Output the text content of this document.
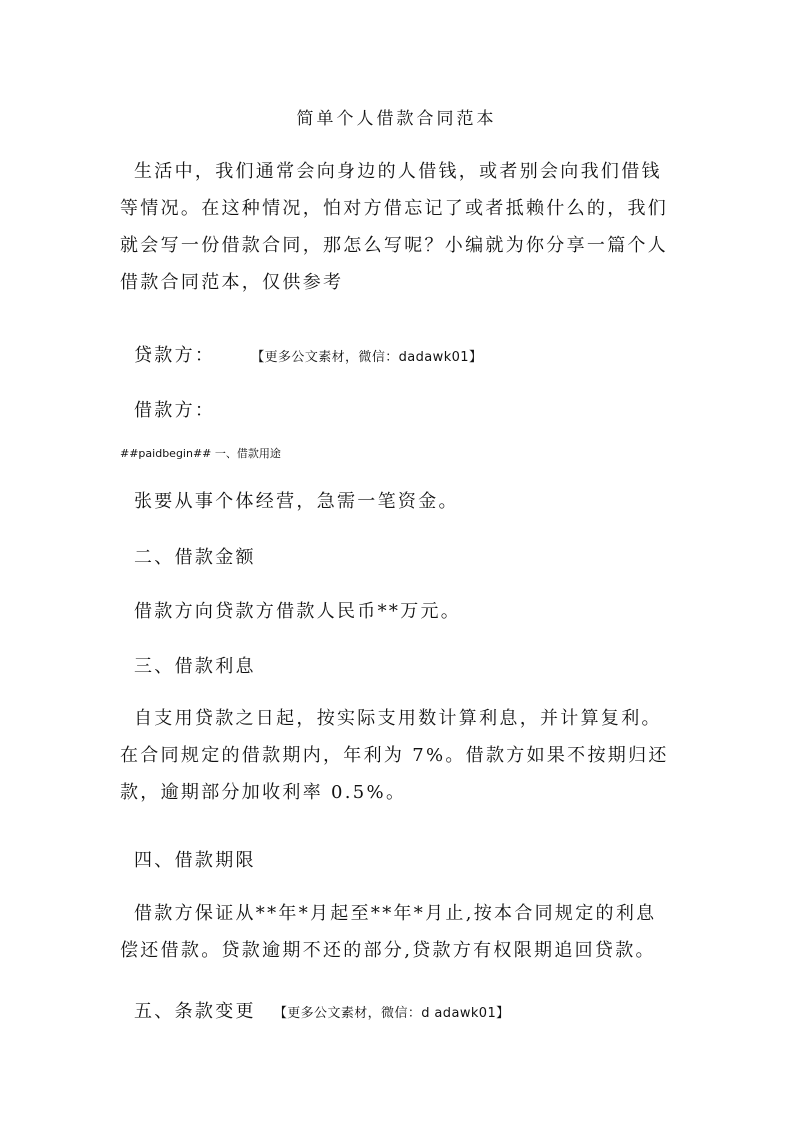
简单个人借款合同范本

生活中，我们通常会向身边的人借钱，或者别会向我们借钱等情况。在这种情况，怕对方借忘记了或者抵赖什么的，我们就会写一份借款合同，那怎么写呢？小编就为你分享一篇个人借款合同范本，仅供参考

贷款方：	【更多公文素材，微信：dadawk01】

借款方：

##paidbegin## 一、借款用途

张要从事个体经营，急需一笔资金。

二、借款金额

借款方向贷款方借款人民币**万元。

三、借款利息

自支用贷款之日起，按实际支用数计算利息，并计算复利。在合同规定的借款期内，年利为 7%。借款方如果不按期归还款，逾期部分加收利率 0.5%。

四、借款期限

借款方保证从**年*月起至**年*月止,按本合同规定的利息偿还借款。贷款逾期不还的部分,贷款方有权限期追回贷款。

五、条款变更 【更多公文素材，微信：d adawk01】
